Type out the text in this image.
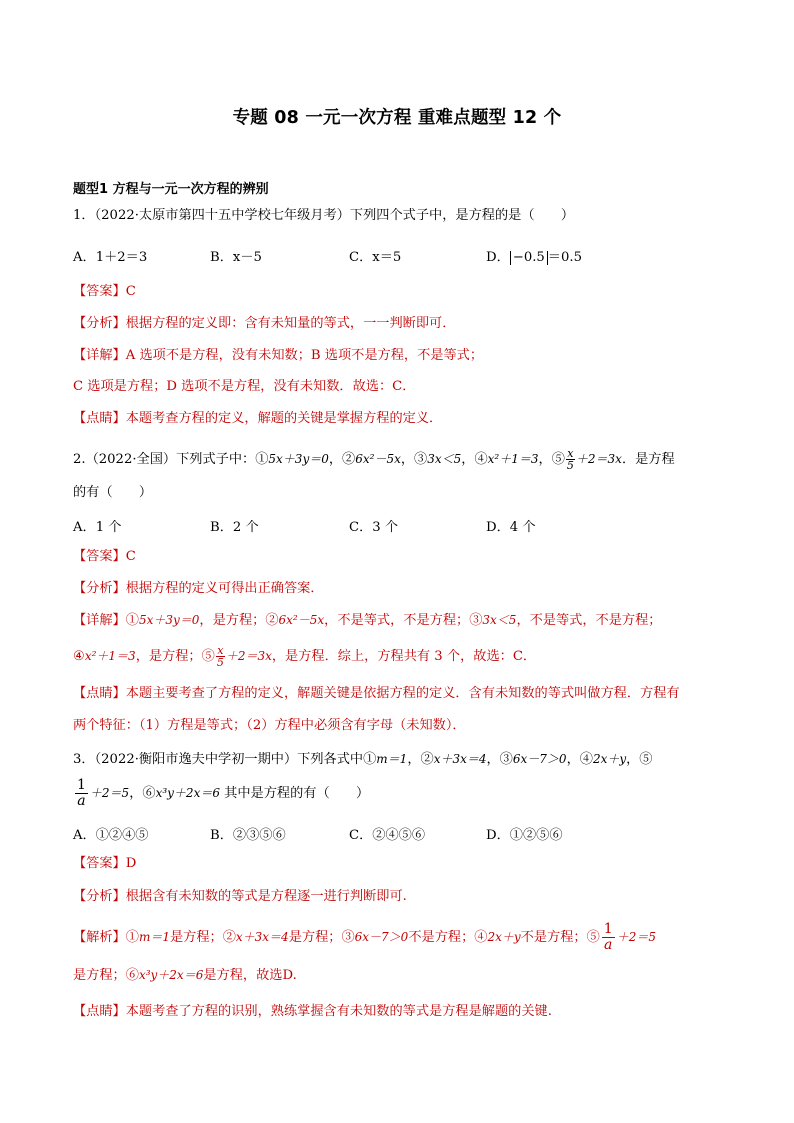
专题 08 一元一次方程 重难点题型 12 个
题型1 方程与一元一次方程的辨别
1．（2022·太原市第四十五中学校七年级月考）下列四个式子中，是方程的是（　　）
A．1＋2＝3	B．x－5	C．x＝5	D． −0.5 ＝0.5
【答案】C
【分析】根据方程的定义即：含有未知量的等式，一一判断即可．
【详解】A 选项不是方程，没有未知数；B 选项不是方程，不是等式；
C 选项是方程；D 选项不是方程，没有未知数．故选：C．
【点睛】本题考查方程的定义，解题的关键是掌握方程的定义．
2.（2022·全国）下列式子中：①5x＋3y＝0，②6x²－5x，③3x＜5，④x²＋1＝3，⑤ $\frac{x}{5} +2=3x$．是方程
的有（　　）
A．1 个	B．2 个	C．3 个	D．4 个
【答案】C
【分析】根据方程的定义可得出正确答案．
【详解】①5x＋3y＝0，是方程；②6x²－5x，不是等式，不是方程；③3x＜5，不是等式，不是方程；
④x²＋1＝3，是方程；⑤ $\frac{x}{5} +2=3x$，是方程．综上，方程共有 3 个，故选：C．
【点睛】本题主要考查了方程的定义，解题关键是依据方程的定义．含有未知数的等式叫做方程．方程有
两个特征：（1）方程是等式；（2）方程中必须含有字母（未知数）．
3．（2022·衡阳市逸夫中学初一期中）下列各式中①m＝1，②x＋3x＝4，③6x－7＞0，④2x＋y，⑤
$\frac{1}{a} +2=5$，⑥x³y＋2x＝6 其中是方程的有（　　）
A．①②④⑤	B．②③⑤⑥	C．②④⑤⑥	D．①②⑤⑥
【答案】D
【分析】根据含有未知数的等式是方程逐一进行判断即可.
【解析】①m＝1是方程；②x＋3x＝4是方程；③6x－7＞0不是方程；④2x＋y不是方程；⑤ $\frac{1}{a} +2=5$
是方程；⑥x³y＋2x＝6是方程，故选D.
【点睛】本题考查了方程的识别，熟练掌握含有未知数的等式是方程是解题的关键.
